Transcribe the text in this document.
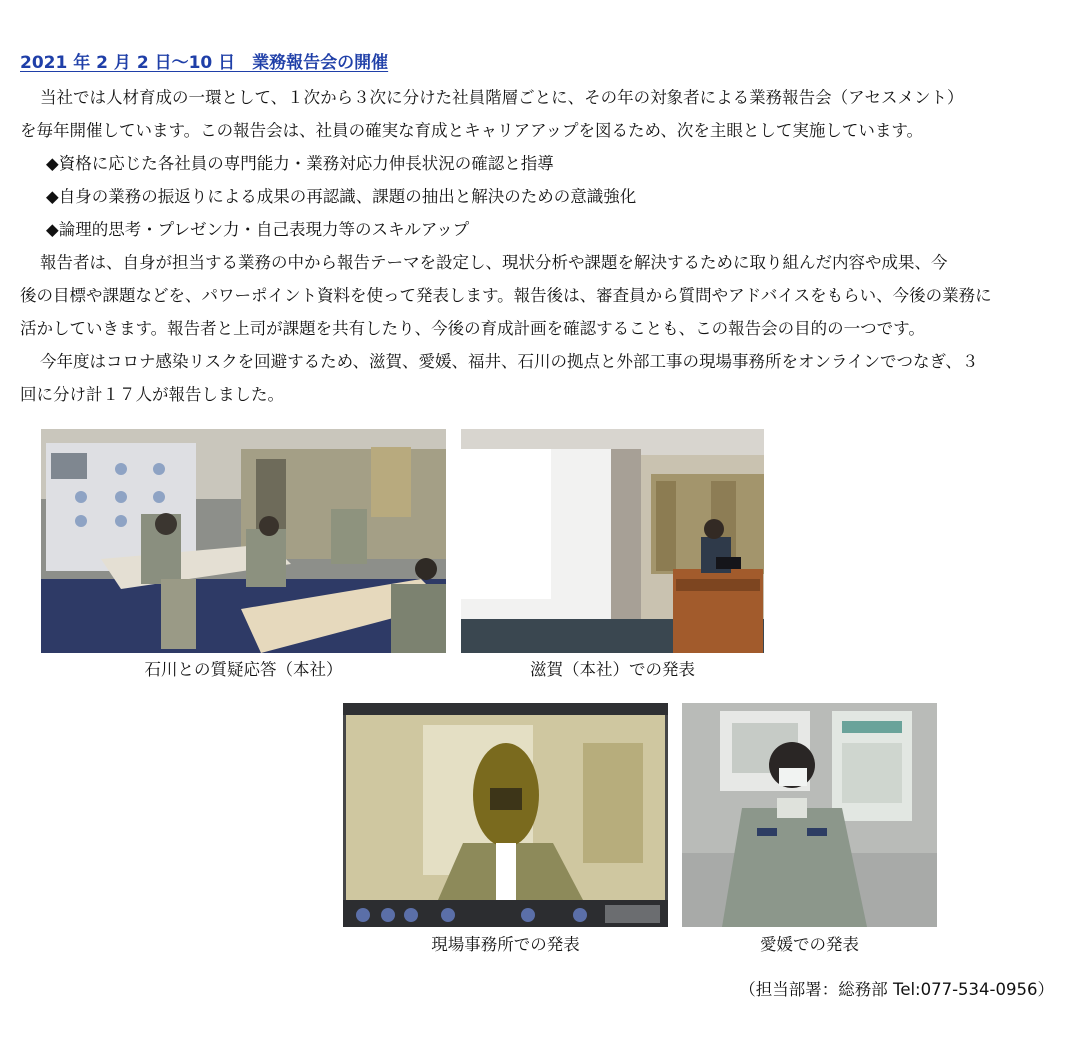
2021 年 2 月 2 日〜10 日　業務報告会の開催

当社では人材育成の一環として、１次から３次に分けた社員階層ごとに、その年の対象者による業務報告会（アセスメント）

を毎年開催しています。この報告会は、社員の確実な育成とキャリアアップを図るため、次を主眼として実施しています。

◆資格に応じた各社員の専門能力・業務対応力伸長状況の確認と指導

◆自身の業務の振返りによる成果の再認識、課題の抽出と解決のための意識強化

◆論理的思考・プレゼン力・自己表現力等のスキルアップ

報告者は、自身が担当する業務の中から報告テーマを設定し、現状分析や課題を解決するために取り組んだ内容や成果、今

後の目標や課題などを、パワーポイント資料を使って発表します。報告後は、審査員から質問やアドバイスをもらい、今後の業務に

活かしていきます。報告者と上司が課題を共有したり、今後の育成計画を確認することも、この報告会の目的の一つです。

今年度はコロナ感染リスクを回避するため、滋賀、愛媛、福井、石川の拠点と外部工事の現場事務所をオンラインでつなぎ、３

回に分け計１７人が報告しました。

石川との質疑応答（本社）	滋賀（本社）での発表
現場事務所での発表	愛媛での発表
（担当部署：総務部 Tel:077-534-0956）
